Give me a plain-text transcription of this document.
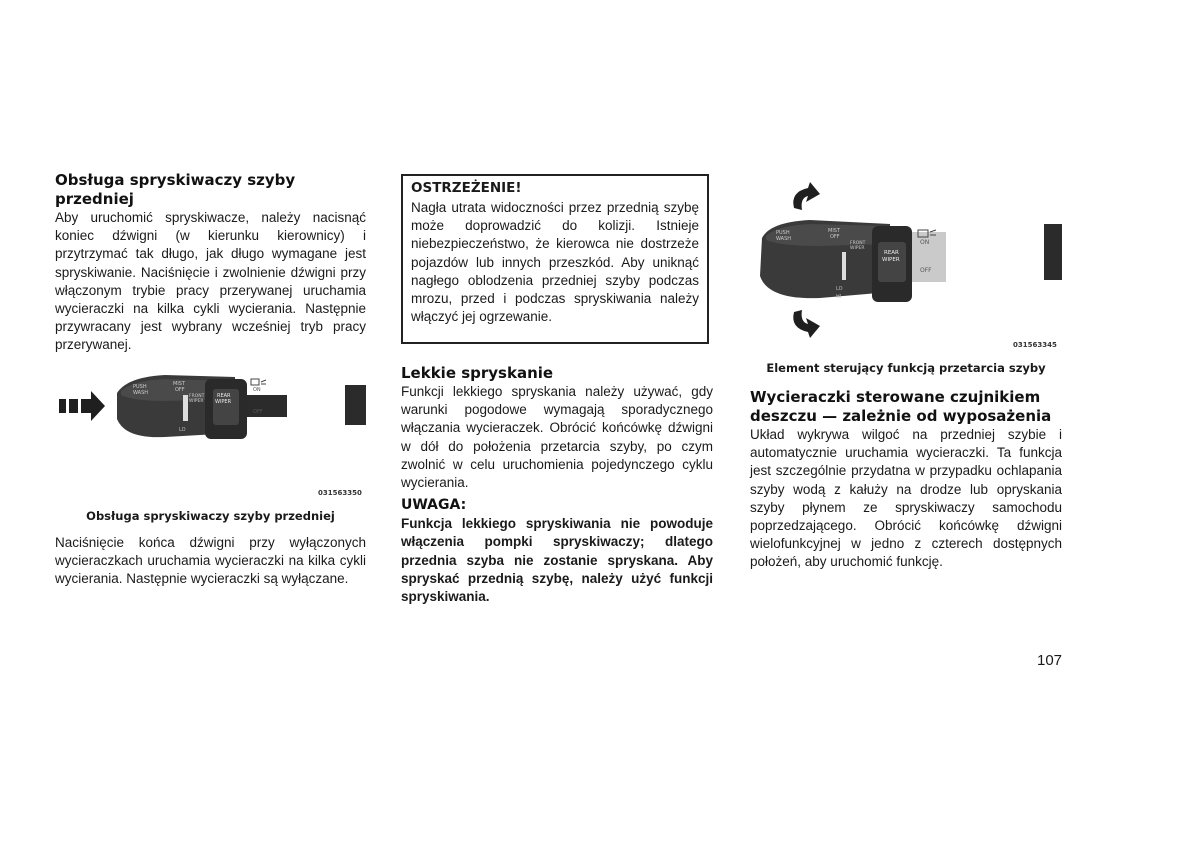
Obsługa spryskiwaczy szyby przedniej

Aby uruchomić spryskiwacze, należy nacisnąć koniec dźwigni (w kierunku kierownicy) i przytrzymać tak długo, jak długo wymagane jest spryskiwanie. Naciśnięcie i zwolnienie dźwigni przy włączonym trybie pracy przerywanej uruchamia wycieraczki na kilka cykli wycierania. Następnie przywracany jest wybrany wcześniej tryb pracy przerywanej.

PUSH
WASH
MIST
OFF
FRONT
WIPER
REAR
WIPER
ON
OFF
LO
031563350
Obsługa spryskiwaczy szyby przedniej

Naciśnięcie końca dźwigni przy wyłączonych wycieraczkach uruchamia wycieraczki na kilka cykli wycierania. Następnie wycieraczki są wyłączane.

OSTRZEŻENIE!

Nagła utrata widoczności przez przednią szybę może doprowadzić do kolizji. Istnieje niebezpieczeństwo, że kierowca nie dostrzeże pojazdów lub innych przeszkód. Aby uniknąć nagłego oblodzenia przedniej szyby podczas mrozu, przed i podczas spryskiwania należy włączyć jej ogrzewanie.

Lekkie spryskanie

Funkcji lekkiego spryskania należy używać, gdy warunki pogodowe wymagają sporadycznego włączania wycieraczek. Obrócić końcówkę dźwigni w dół do położenia przetarcia szyby, po czym zwolnić w celu uruchomienia pojedynczego cyklu wycierania.

UWAGA:

Funkcja lekkiego spryskiwania nie powoduje włączenia pompki spryskiwaczy; dlatego przednia szyba nie zostanie spryskana. Aby spryskać przednią szybę, należy użyć funkcji spryskiwania.

PUSH
WASH
MIST
OFF
FRONT
WIPER
REAR
WIPER
ON
OFF
LO
HI
031563345
Element sterujący funkcją przetarcia szyby
Wycieraczki sterowane czujnikiem deszczu — zależnie od wyposażenia

Układ wykrywa wilgoć na przedniej szybie i automatycznie uruchamia wycieraczki. Ta funkcja jest szczególnie przydatna w przypadku ochlapania szyby wodą z kałuży na drodze lub opryskania szyby płynem ze spryskiwaczy samochodu poprzedzającego. Obrócić końcówkę dźwigni wielofunkcyjnej w jedno z czterech dostępnych położeń, aby uruchomić funkcję.

107
